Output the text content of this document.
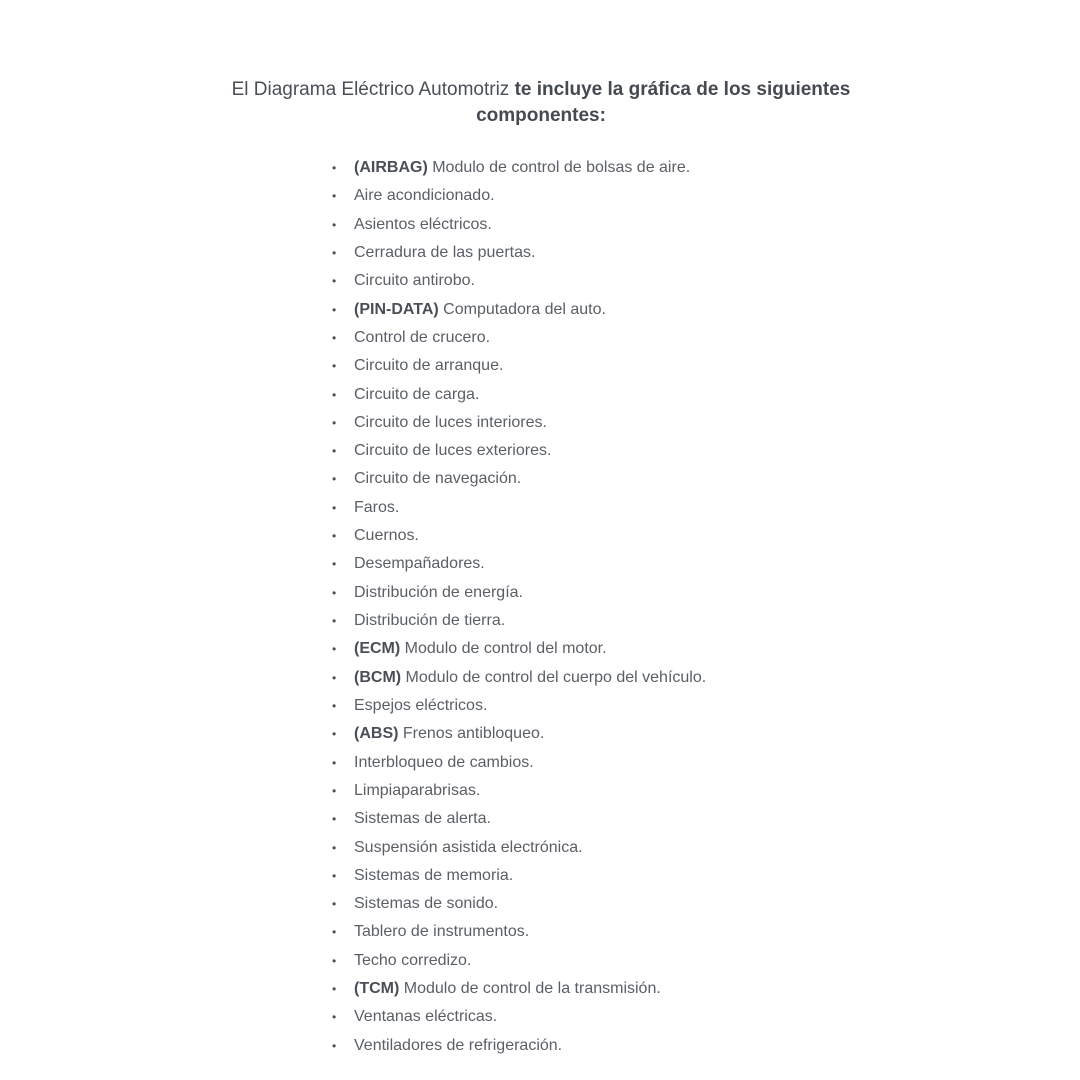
El Diagrama Eléctrico Automotriz te incluye la gráfica de los siguientes componentes:
• (AIRBAG) Modulo de control de bolsas de aire.
• Aire acondicionado.
• Asientos eléctricos.
• Cerradura de las puertas.
• Circuito antirobo.
• (PIN-DATA) Computadora del auto.
• Control de crucero.
• Circuito de arranque.
• Circuito de carga.
• Circuito de luces interiores.
• Circuito de luces exteriores.
• Circuito de navegación.
• Faros.
• Cuernos.
• Desempañadores.
• Distribución de energía.
• Distribución de tierra.
• (ECM) Modulo de control del motor.
• (BCM) Modulo de control del cuerpo del vehículo.
• Espejos eléctricos.
• (ABS) Frenos antibloqueo.
• Interbloqueo de cambios.
• Limpiaparabrisas.
• Sistemas de alerta.
• Suspensión asistida electrónica.
• Sistemas de memoria.
• Sistemas de sonido.
• Tablero de instrumentos.
• Techo corredizo.
• (TCM) Modulo de control de la transmisión.
• Ventanas eléctricas.
• Ventiladores de refrigeración.
